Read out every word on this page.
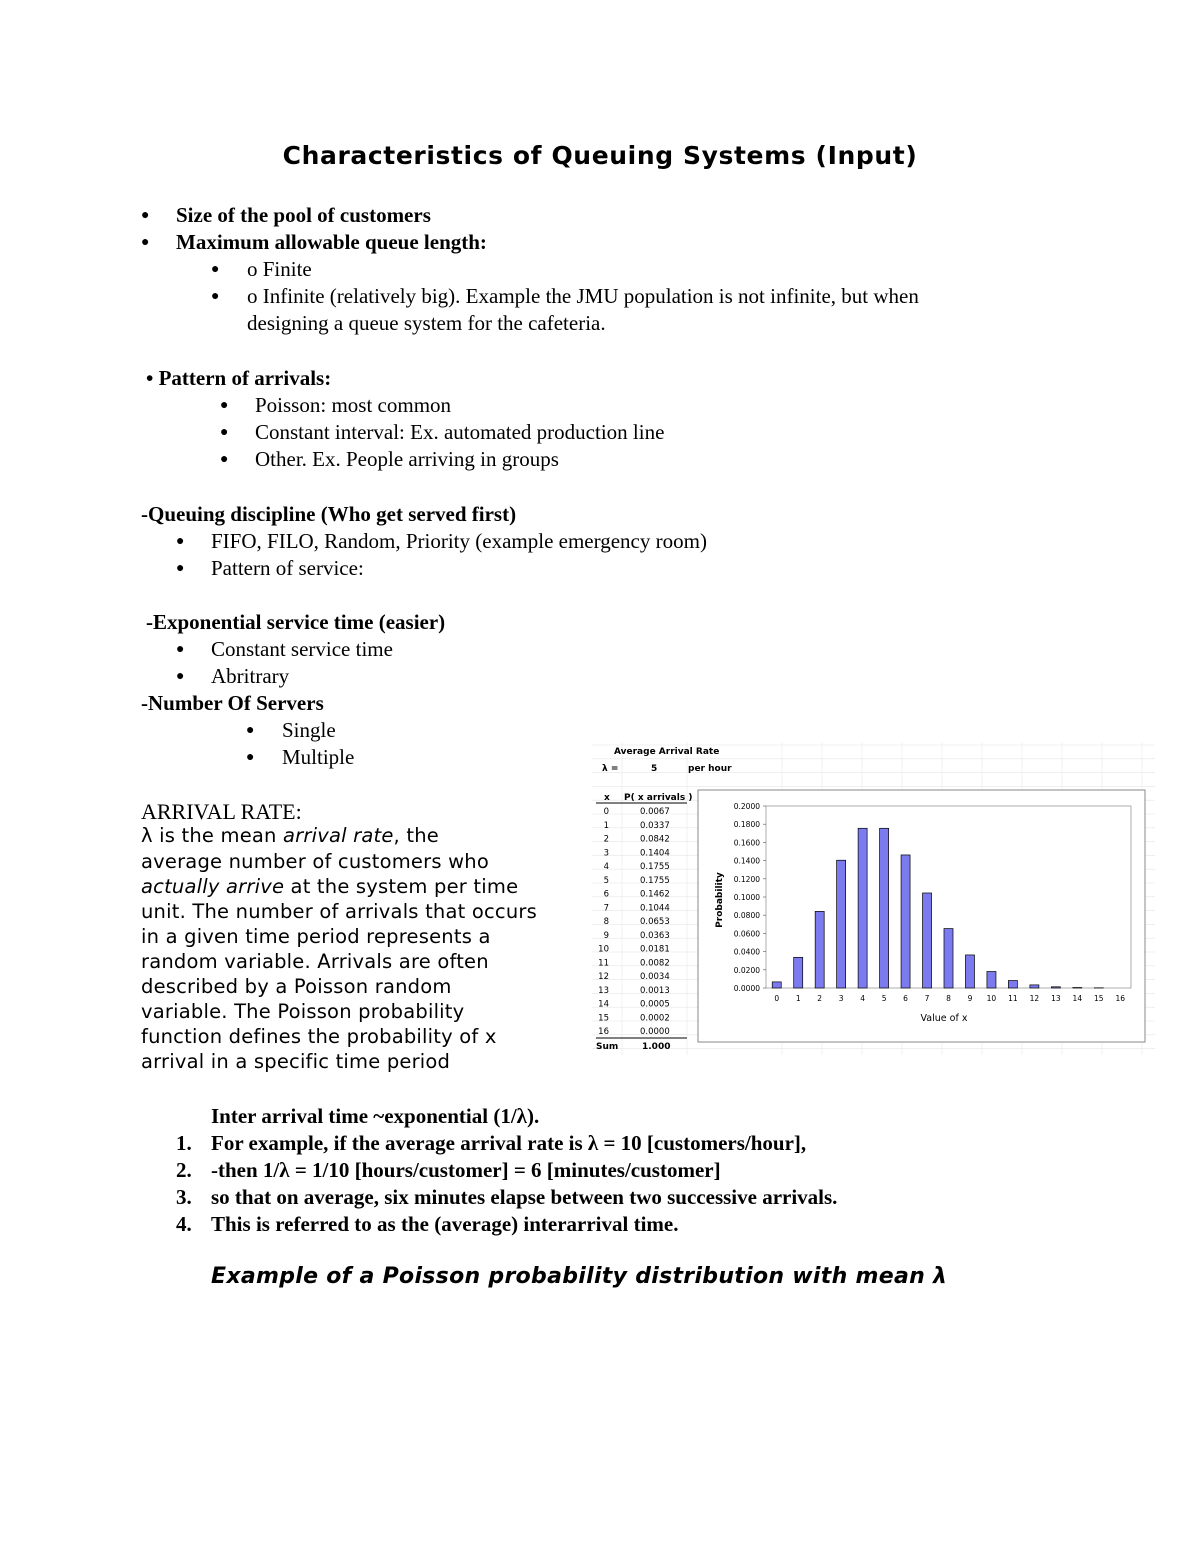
Characteristics of Queuing Systems (Input)
● Size of the pool of customers
● Maximum allowable queue length:
● o Finite
● o Infinite (relatively big). Example the JMU population is not infinite, but when
designing a queue system for the cafeteria.
• Pattern of arrivals:
● Poisson: most common
● Constant interval: Ex. automated production line
● Other. Ex. People arriving in groups
-Queuing discipline (Who get served first)
● FIFO, FILO, Random, Priority (example emergency room)
● Pattern of service:
-Exponential service time (easier)
● Constant service time
● Abritrary
-Number Of Servers
● Single
● Multiple
ARRIVAL RATE:
λ is the mean arrival rate, the
average number of customers who
actually arrive at the system per time
unit. The number of arrivals that occurs
in a given time period represents a
random variable. Arrivals are often
described by a Poisson random
variable. The Poisson probability
function defines the probability of x
arrival in a specific time period
Average Arrival Rate
λ =	5	per hour
x P( x arrivals )
0	0.0067
1	0.0337
2	0.0842
3	0.1404
4	0.1755
5	0.1755
6	0.1462
7	0.1044
8	0.0653
9	0.0363
10	0.0181
11	0.0082
12	0.0034
13	0.0013
14	0.0005
15	0.0002
16	0.0000
Sum	1.000
0.0000
0.0200
0.0400
0.0600
0.0800
0.1000
0.1200
0.1400
0.1600
0.1800
0.2000
0 1 2 3 4 5 6 7 8 9 10 11 12 13 14 15 16
Probability
Value of x
Inter arrival time ~exponential (1/λ).
1. For example, if the average arrival rate is λ = 10 [customers/hour],
2. -then 1/λ = 1/10 [hours/customer] = 6 [minutes/customer]
3. so that on average, six minutes elapse between two successive arrivals.
4. This is referred to as the (average) interarrival time.
Example of a Poisson probability distribution with mean λ
